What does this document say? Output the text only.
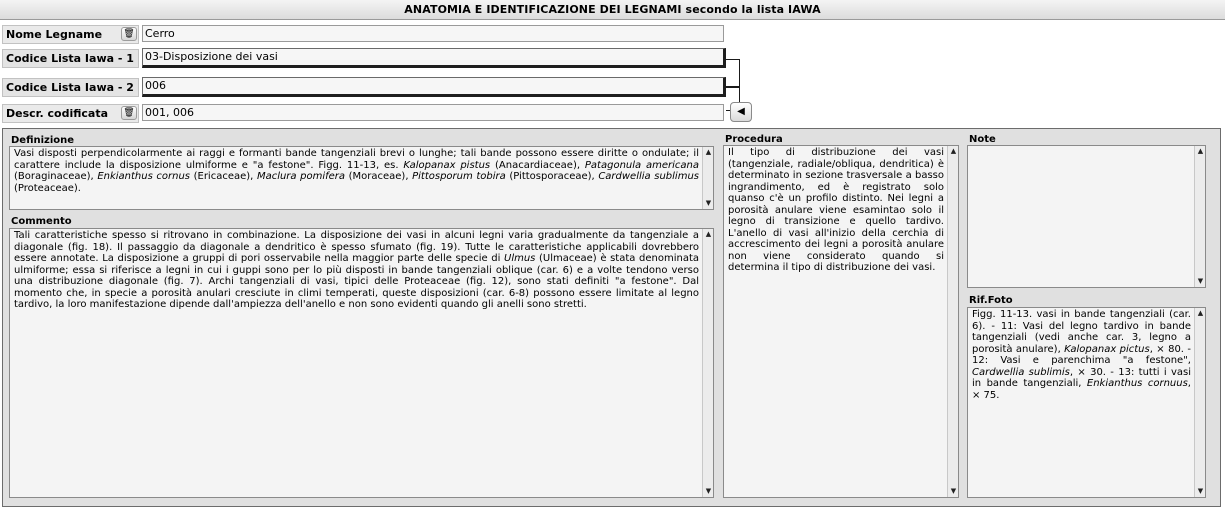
ANATOMIA E IDENTIFICAZIONE DEI LEGNAMI secondo la lista IAWA
Nome Legname	🗑 Cerro
Codice Lista Iawa - 1	03-Disposizione dei vasi
Codice Lista Iawa - 2	006
Descr. codificata	🗑 001, 006	◀
Definizione
Vasi disposti perpendicolarmente ai raggi e formanti bande tangenziali brevi o lunghe; tali bande possono essere diritte o ondulate; il carattere include la disposizione ulmiforme e "a festone". Figg. 11-13, es. Kalopanax pistus (Anacardiaceae), Patagonula americana (Boraginaceae), Enkianthus cornus (Ericaceae), Maclura pomifera (Moraceae), Pittosporum tobira (Pittosporaceae), Cardwellia sublimus (Proteaceae).
▲
▼
Commento
Tali caratteristiche spesso si ritrovano in combinazione. La disposizione dei vasi in alcuni legni varia gradualmente da tangenziale a diagonale (fig. 18). Il passaggio da diagonale a dendritico è spesso sfumato (fig. 19). Tutte le caratteristiche applicabili dovrebbero essere annotate. La disposizione a gruppi di pori osservabile nella maggior parte delle specie di Ulmus (Ulmaceae) è stata denominata ulmiforme; essa si riferisce a legni in cui i guppi sono per lo più disposti in bande tangenziali oblique (car. 6) e a volte tendono verso una distribuzione diagonale (fig. 7). Archi tangenziali di vasi, tipici delle Proteaceae (fig. 12), sono stati definiti "a festone". Dal momento che, in specie a porosità anulari cresciute in climi temperati, queste disposizioni (car. 6-8) possono essere limitate al legno tardivo, la loro manifestazione dipende dall'ampiezza dell'anello e non sono evidenti quando gli anelli sono stretti.
▲
▼
Procedura
Il tipo di distribuzione dei vasi (tangenziale, radiale/obliqua, dendritica) è determinato in sezione trasversale a basso ingrandimento, ed è registrato solo quanso c'è un profilo distinto. Nei legni a porosità anulare viene esamintao solo il legno di transizione e quello tardivo. L'anello di vasi all'inizio della cerchia di accrescimento dei legni a porosità anulare non viene considerato quando si determina il tipo di distribuzione dei vasi.
▲
▼
Note
▲
▼
Rif.Foto
Figg. 11-13. vasi in bande tangenziali (car. 6). - 11: Vasi del legno tardivo in bande tangenziali (vedi anche car. 3, legno a porosità anulare), Kalopanax pictus, × 80. - 12: Vasi e parenchima "a festone", Cardwellia sublimis, × 30. - 13: tutti i vasi in bande tangenziali, Enkianthus cornuus, × 75.
▲
▼
